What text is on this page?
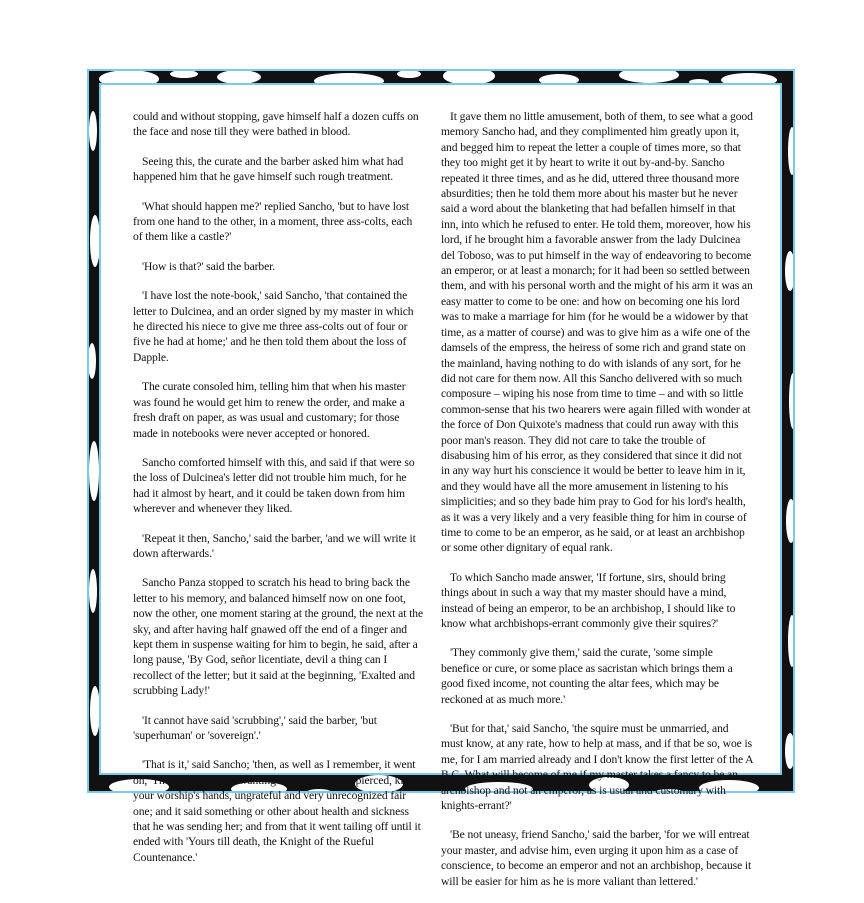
could and without stopping, gave himself half a dozen cuffs on the face and nose till they were bathed in blood.

Seeing this, the curate and the barber asked him what had happened him that he gave himself such rough treatment.

'What should happen me?' replied Sancho, 'but to have lost from one hand to the other, in a moment, three ass-colts, each of them like a castle?'

'How is that?' said the barber.

'I have lost the note-book,' said Sancho, 'that contained the letter to Dulcinea, and an order signed by my master in which he directed his niece to give me three ass-colts out of four or five he had at home;' and he then told them about the loss of Dapple.

The curate consoled him, telling him that when his master was found he would get him to renew the order, and make a fresh draft on paper, as was usual and customary; for those made in notebooks were never accepted or honored.

Sancho comforted himself with this, and said if that were so the loss of Dulcinea's letter did not trouble him much, for he had it almost by heart, and it could be taken down from him wherever and whenever they liked.

'Repeat it then, Sancho,' said the barber, 'and we will write it down afterwards.'

Sancho Panza stopped to scratch his head to bring back the letter to his memory, and balanced himself now on one foot, now the other, one moment staring at the ground, the next at the sky, and after having half gnawed off the end of a finger and kept them in suspense waiting for him to begin, he said, after a long pause, 'By God, señor licentiate, devil a thing can I recollect of the letter; but it said at the beginning, 'Exalted and scrubbing Lady!'

'It cannot have said 'scrubbing',' said the barber, 'but 'superhuman' or 'sovereign'.'

'That is it,' said Sancho; 'then, as well as I remember, it went on, 'The wounded, and wanting of sleep, and the pierced, kisses your worship's hands, ungrateful and very unrecognized fair one; and it said something or other about health and sickness that he was sending her; and from that it went tailing off until it ended with 'Yours till death, the Knight of the Rueful Countenance.'

It gave them no little amusement, both of them, to see what a good memory Sancho had, and they complimented him greatly upon it, and begged him to repeat the letter a couple of times more, so that they too might get it by heart to write it out by-and-by. Sancho repeated it three times, and as he did, uttered three thousand more absurdities; then he told them more about his master but he never said a word about the blanketing that had befallen himself in that inn, into which he refused to enter. He told them, moreover, how his lord, if he brought him a favorable answer from the lady Dulcinea del Toboso, was to put himself in the way of endeavoring to become an emperor, or at least a monarch; for it had been so settled between them, and with his personal worth and the might of his arm it was an easy matter to come to be one: and how on becoming one his lord was to make a marriage for him (for he would be a widower by that time, as a matter of course) and was to give him as a wife one of the damsels of the empress, the heiress of some rich and grand state on the mainland, having nothing to do with islands of any sort, for he did not care for them now. All this Sancho delivered with so much composure – wiping his nose from time to time – and with so little common-sense that his two hearers were again filled with wonder at the force of Don Quixote's madness that could run away with this poor man's reason. They did not care to take the trouble of disabusing him of his error, as they considered that since it did not in any way hurt his conscience it would be better to leave him in it, and they would have all the more amusement in listening to his simplicities; and so they bade him pray to God for his lord's health, as it was a very likely and a very feasible thing for him in course of time to come to be an emperor, as he said, or at least an archbishop or some other dignitary of equal rank.

To which Sancho made answer, 'If fortune, sirs, should bring things about in such a way that my master should have a mind, instead of being an emperor, to be an archbishop, I should like to know what archbishops-errant commonly give their squires?'

'They commonly give them,' said the curate, 'some simple benefice or cure, or some place as sacristan which brings them a good fixed income, not counting the altar fees, which may be reckoned at as much more.'

'But for that,' said Sancho, 'the squire must be unmarried, and must know, at any rate, how to help at mass, and if that be so, woe is me, for I am married already and I don't know the first letter of the A B C. What will become of me if my master takes a fancy to be an archbishop and not an emperor, as is usual and customary with knights-errant?'

'Be not uneasy, friend Sancho,' said the barber, 'for we will entreat your master, and advise him, even urging it upon him as a case of conscience, to become an emperor and not an archbishop, because it will be easier for him as he is more valiant than lettered.'
